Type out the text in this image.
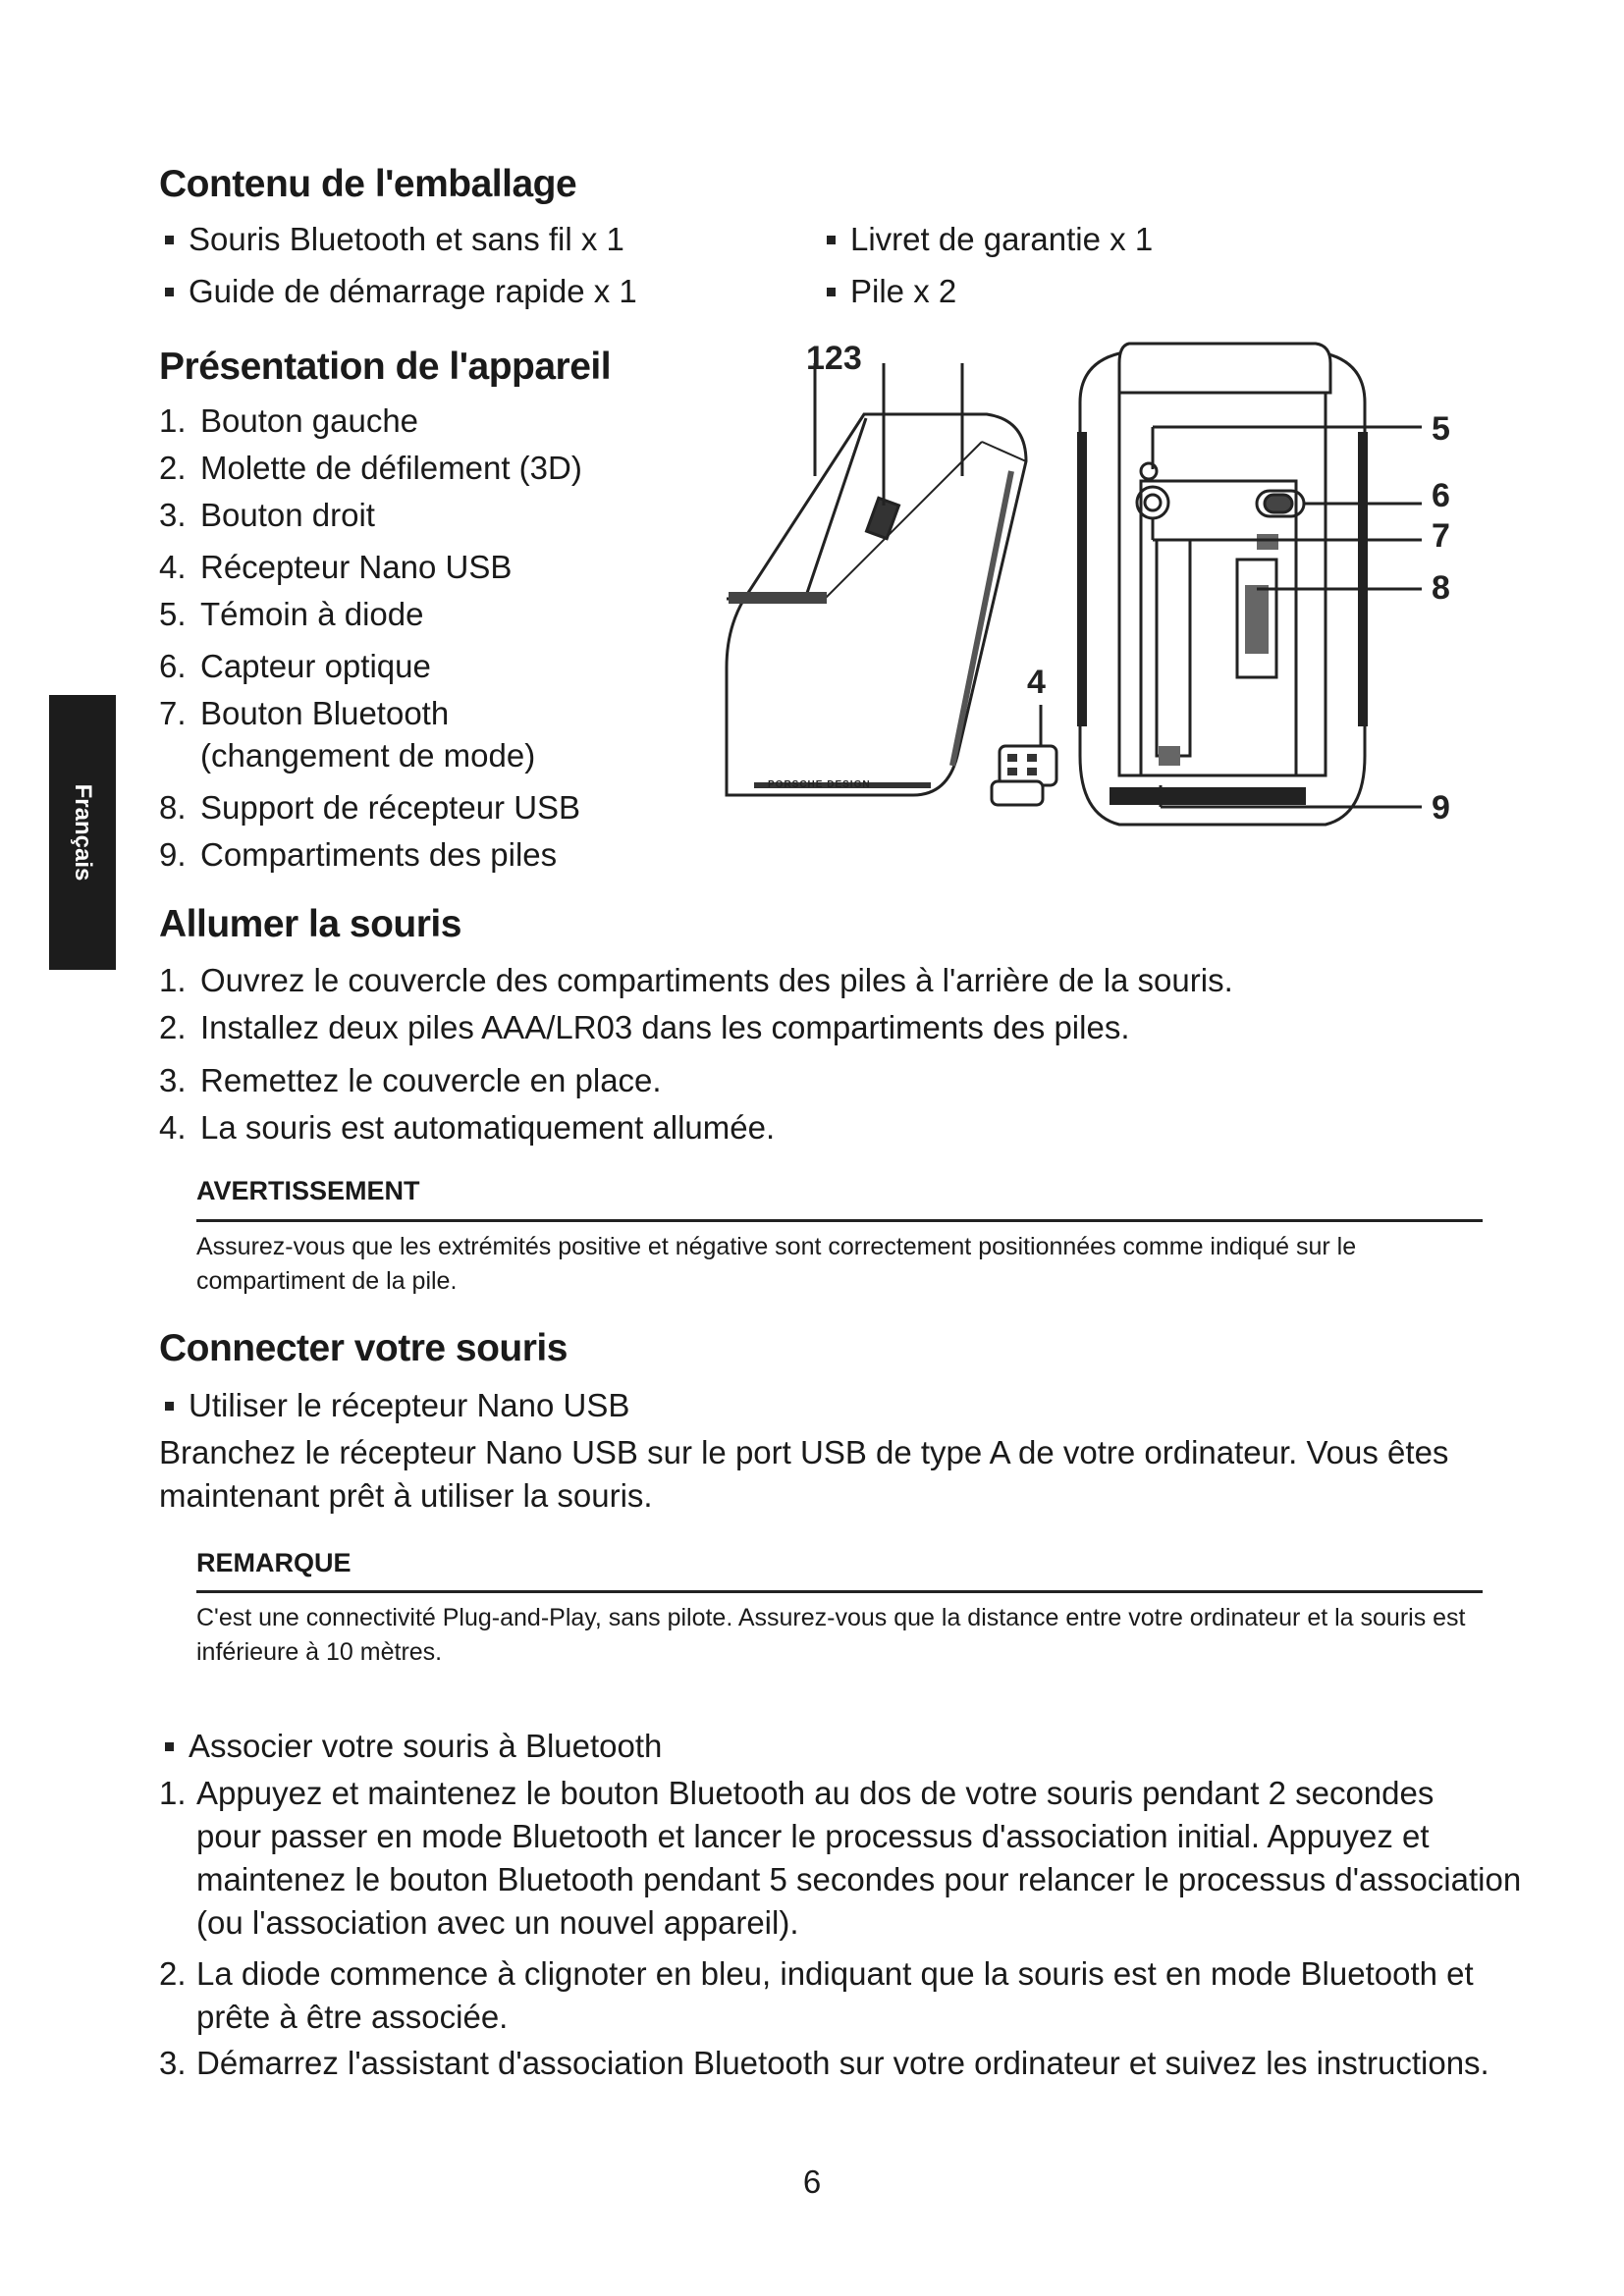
Français
Contenu de l'emballage
Souris Bluetooth et sans fil x 1
Guide de démarrage rapide x 1
Livret de garantie x 1
Pile x 2
Présentation de l'appareil
1. Bouton gauche
2. Molette de défilement (3D)
3. Bouton droit
4. Récepteur Nano USB
5. Témoin à diode
6. Capteur optique
7. Bouton Bluetooth
(changement de mode)
8. Support de récepteur USB
9. Compartiments des piles
123
PORSCHE DESIGN
4
5
6
7
8
9
Allumer la souris
1. Ouvrez le couvercle des compartiments des piles à l'arrière de la souris.
2. Installez deux piles AAA/LR03 dans les compartiments des piles.
3. Remettez le couvercle en place.
4. La souris est automatiquement allumée.
AVERTISSEMENT
Assurez-vous que les extrémités positive et négative sont correctement positionnées comme indiqué sur le compartiment de la pile.
Connecter votre souris
Utiliser le récepteur Nano USB
Branchez le récepteur Nano USB sur le port USB de type A de votre ordinateur. Vous êtes
maintenant prêt à utiliser la souris.
REMARQUE
C'est une connectivité Plug-and-Play, sans pilote. Assurez-vous que la distance entre votre ordinateur et la souris est inférieure à 10 mètres.
Associer votre souris à Bluetooth
1. Appuyez et maintenez le bouton Bluetooth au dos de votre souris pendant 2 secondes
pour passer en mode Bluetooth et lancer le processus d'association initial. Appuyez et
maintenez le bouton Bluetooth pendant 5 secondes pour relancer le processus d'association
(ou l'association avec un nouvel appareil).
2. La diode commence à clignoter en bleu, indiquant que la souris est en mode Bluetooth et
prête à être associée.
3. Démarrez l'assistant d'association Bluetooth sur votre ordinateur et suivez les instructions.
6
